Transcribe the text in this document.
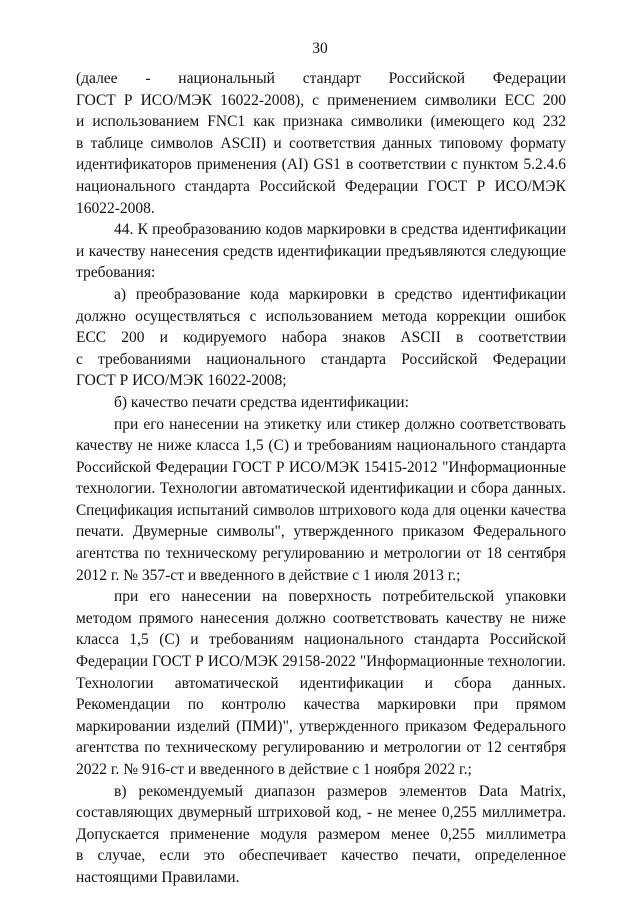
30
(далее - национальный стандарт Российской Федерации
ГОСТ Р ИСО/МЭК 16022-2008), с применением символики ЕСС 200
и использованием FNC1 как признака символики (имеющего код 232
в таблице символов ASCII) и соответствия данных типовому формату
идентификаторов применения (AI) GS1 в соответствии с пунктом 5.2.4.6
национального стандарта Российской Федерации ГОСТ Р ИСО/МЭК
16022-2008.
44. К преобразованию кодов маркировки в средства идентификации
и качеству нанесения средств идентификации предъявляются следующие
требования:
а) преобразование кода маркировки в средство идентификации
должно осуществляться с использованием метода коррекции ошибок
ЕСС 200 и кодируемого набора знаков ASCII в соответствии
с требованиями национального стандарта Российской Федерации
ГОСТ Р ИСО/МЭК 16022-2008;
б) качество печати средства идентификации:
при его нанесении на этикетку или стикер должно соответствовать
качеству не ниже класса 1,5 (С) и требованиям национального стандарта
Российской Федерации ГОСТ Р ИСО/МЭК 15415-2012 "Информационные
технологии. Технологии автоматической идентификации и сбора данных.
Спецификация испытаний символов штрихового кода для оценки качества
печати. Двумерные символы", утвержденного приказом Федерального
агентства по техническому регулированию и метрологии от 18 сентября
2012 г. № 357-ст и введенного в действие с 1 июля 2013 г.;
при его нанесении на поверхность потребительской упаковки
методом прямого нанесения должно соответствовать качеству не ниже
класса 1,5 (С) и требованиям национального стандарта Российской
Федерации ГОСТ Р ИСО/МЭК 29158-2022 "Информационные технологии.
Технологии автоматической идентификации и сбора данных.
Рекомендации по контролю качества маркировки при прямом
маркировании изделий (ПМИ)", утвержденного приказом Федерального
агентства по техническому регулированию и метрологии от 12 сентября
2022 г. № 916-ст и введенного в действие с 1 ноября 2022 г.;
в) рекомендуемый диапазон размеров элементов Data Matrix,
составляющих двумерный штриховой код, - не менее 0,255 миллиметра.
Допускается применение модуля размером менее 0,255 миллиметра
в случае, если это обеспечивает качество печати, определенное
настоящими Правилами.
